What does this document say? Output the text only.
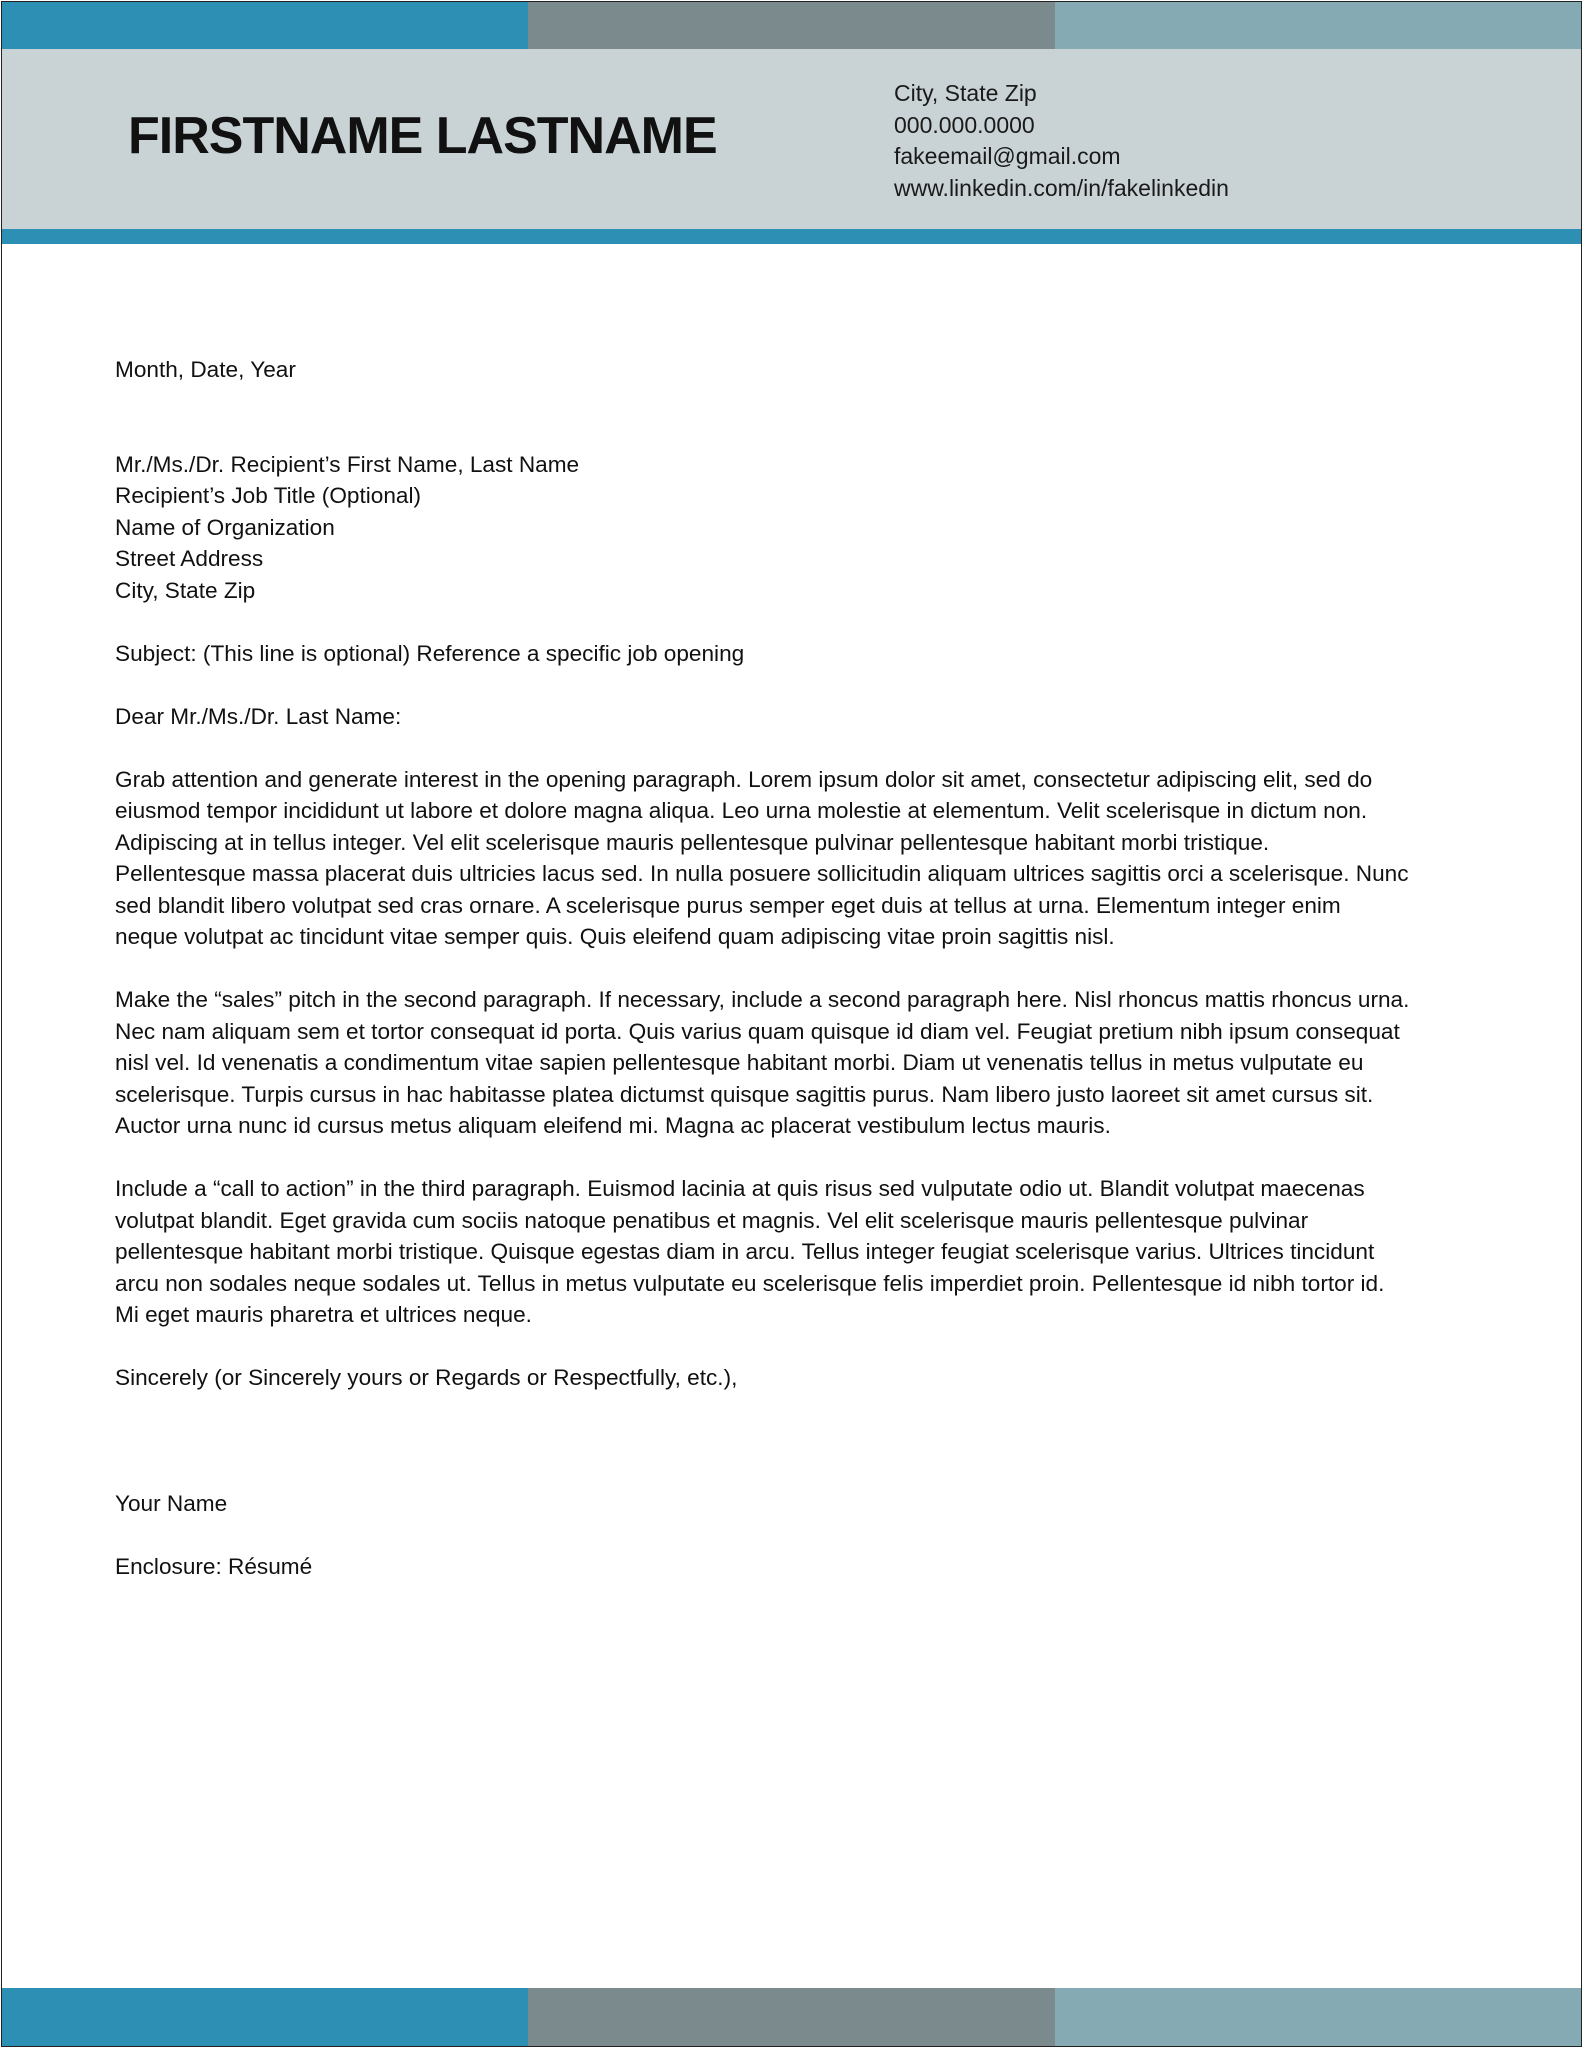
FIRSTNAME LASTNAME
City, State Zip
000.000.0000
fakeemail@gmail.com
www.linkedin.com/in/fakelinkedin
Month, Date, Year
Mr./Ms./Dr. Recipient’s First Name, Last Name
Recipient’s Job Title (Optional)
Name of Organization
Street Address
City, State Zip
Subject: (This line is optional) Reference a specific job opening
Dear Mr./Ms./Dr. Last Name:
Grab attention and generate interest in the opening paragraph. Lorem ipsum dolor sit amet, consectetur adipiscing elit, sed do
eiusmod tempor incididunt ut labore et dolore magna aliqua. Leo urna molestie at elementum. Velit scelerisque in dictum non.
Adipiscing at in tellus integer. Vel elit scelerisque mauris pellentesque pulvinar pellentesque habitant morbi tristique.
Pellentesque massa placerat duis ultricies lacus sed. In nulla posuere sollicitudin aliquam ultrices sagittis orci a scelerisque. Nunc
sed blandit libero volutpat sed cras ornare. A scelerisque purus semper eget duis at tellus at urna. Elementum integer enim
neque volutpat ac tincidunt vitae semper quis. Quis eleifend quam adipiscing vitae proin sagittis nisl.
Make the “sales” pitch in the second paragraph. If necessary, include a second paragraph here. Nisl rhoncus mattis rhoncus urna.
Nec nam aliquam sem et tortor consequat id porta. Quis varius quam quisque id diam vel. Feugiat pretium nibh ipsum consequat
nisl vel. Id venenatis a condimentum vitae sapien pellentesque habitant morbi. Diam ut venenatis tellus in metus vulputate eu
scelerisque. Turpis cursus in hac habitasse platea dictumst quisque sagittis purus. Nam libero justo laoreet sit amet cursus sit.
Auctor urna nunc id cursus metus aliquam eleifend mi. Magna ac placerat vestibulum lectus mauris.
Include a “call to action” in the third paragraph. Euismod lacinia at quis risus sed vulputate odio ut. Blandit volutpat maecenas
volutpat blandit. Eget gravida cum sociis natoque penatibus et magnis. Vel elit scelerisque mauris pellentesque pulvinar
pellentesque habitant morbi tristique. Quisque egestas diam in arcu. Tellus integer feugiat scelerisque varius. Ultrices tincidunt
arcu non sodales neque sodales ut. Tellus in metus vulputate eu scelerisque felis imperdiet proin. Pellentesque id nibh tortor id.
Mi eget mauris pharetra et ultrices neque.
Sincerely (or Sincerely yours or Regards or Respectfully, etc.),
Your Name
Enclosure: Résumé
